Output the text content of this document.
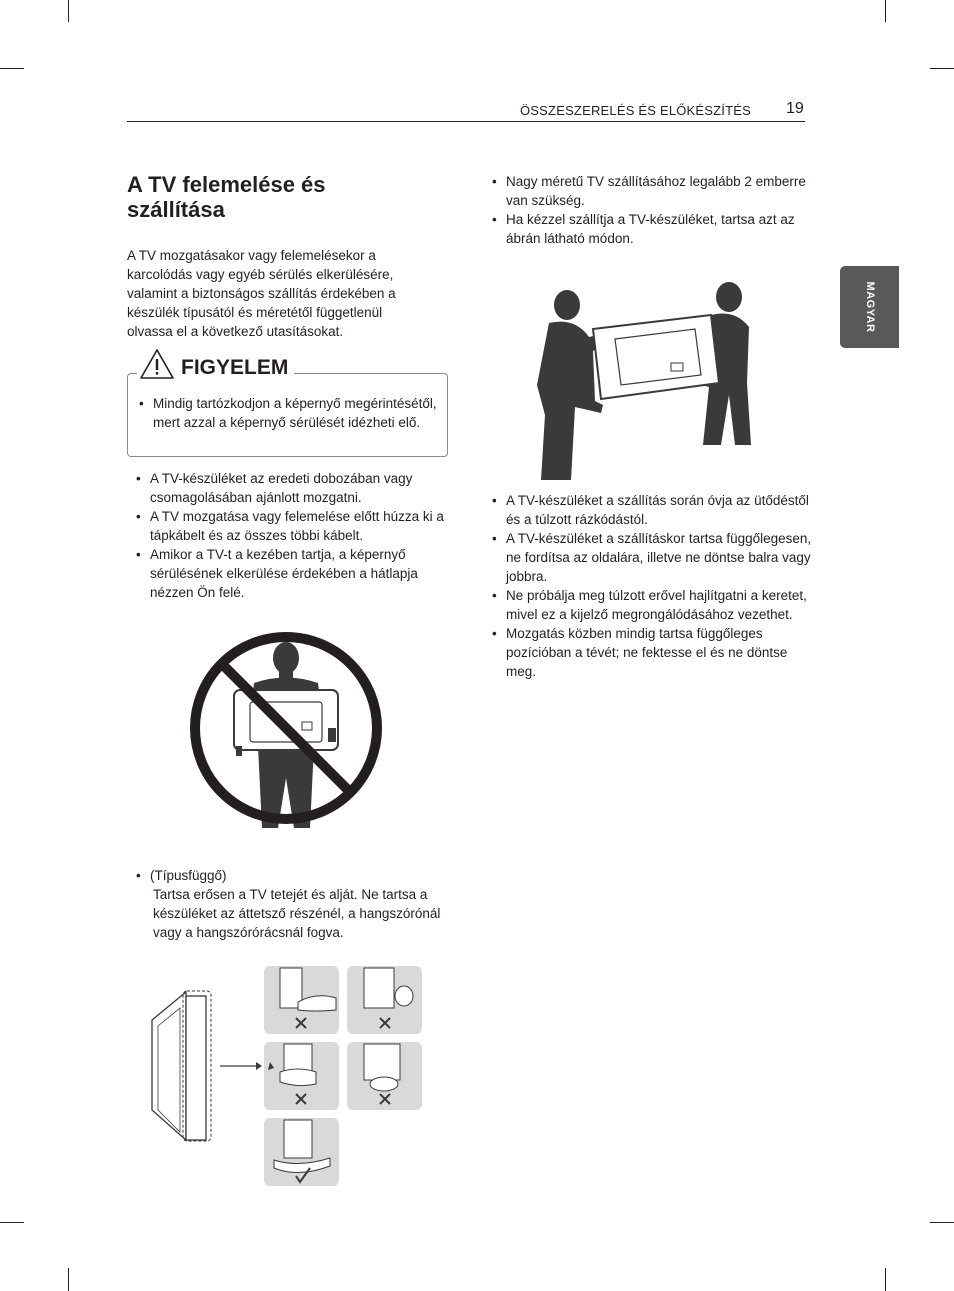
ÖSSZESZERELÉS ÉS ELŐKÉSZÍTÉS 19
MAGYAR
A TV felemelése és szállítása
A TV mozgatásakor vagy felemelésekor a karcolódás vagy egyéb sérülés elkerülésére, valamint a biztonságos szállítás érdekében a készülék típusától és méretétől függetlenül olvassa el a következő utasításokat.
FIGYELEM
• Mindig tartózkodjon a képernyő megérintésétől, mert azzal a képernyő sérülését idézheti elő.
• A TV-készüléket az eredeti dobozában vagy csomagolásában ajánlott mozgatni.
• A TV mozgatása vagy felemelése előtt húzza ki a tápkábelt és az összes többi kábelt.
• Amikor a TV-t a kezében tartja, a képernyő sérülésének elkerülése érdekében a hátlapja nézzen Ön felé.
• (Típusfüggő)
Tartsa erősen a TV tetejét és alját. Ne tartsa a készüléket az áttetsző részénél, a hangszórónál vagy a hangszórórácsnál fogva.
• Nagy méretű TV szállításához legalább 2 emberre van szükség.
• Ha kézzel szállítja a TV-készüléket, tartsa azt az ábrán látható módon.
• A TV-készüléket a szállítás során óvja az ütődéstől és a túlzott rázkódástól.
• A TV-készüléket a szállításkor tartsa függőlegesen, ne fordítsa az oldalára, illetve ne döntse balra vagy jobbra.
• Ne próbálja meg túlzott erővel hajlítgatni a keretet, mivel ez a kijelző megrongálódásához vezethet.
• Mozgatás közben mindig tartsa függőleges pozícióban a tévét; ne fektesse el és ne döntse meg.
